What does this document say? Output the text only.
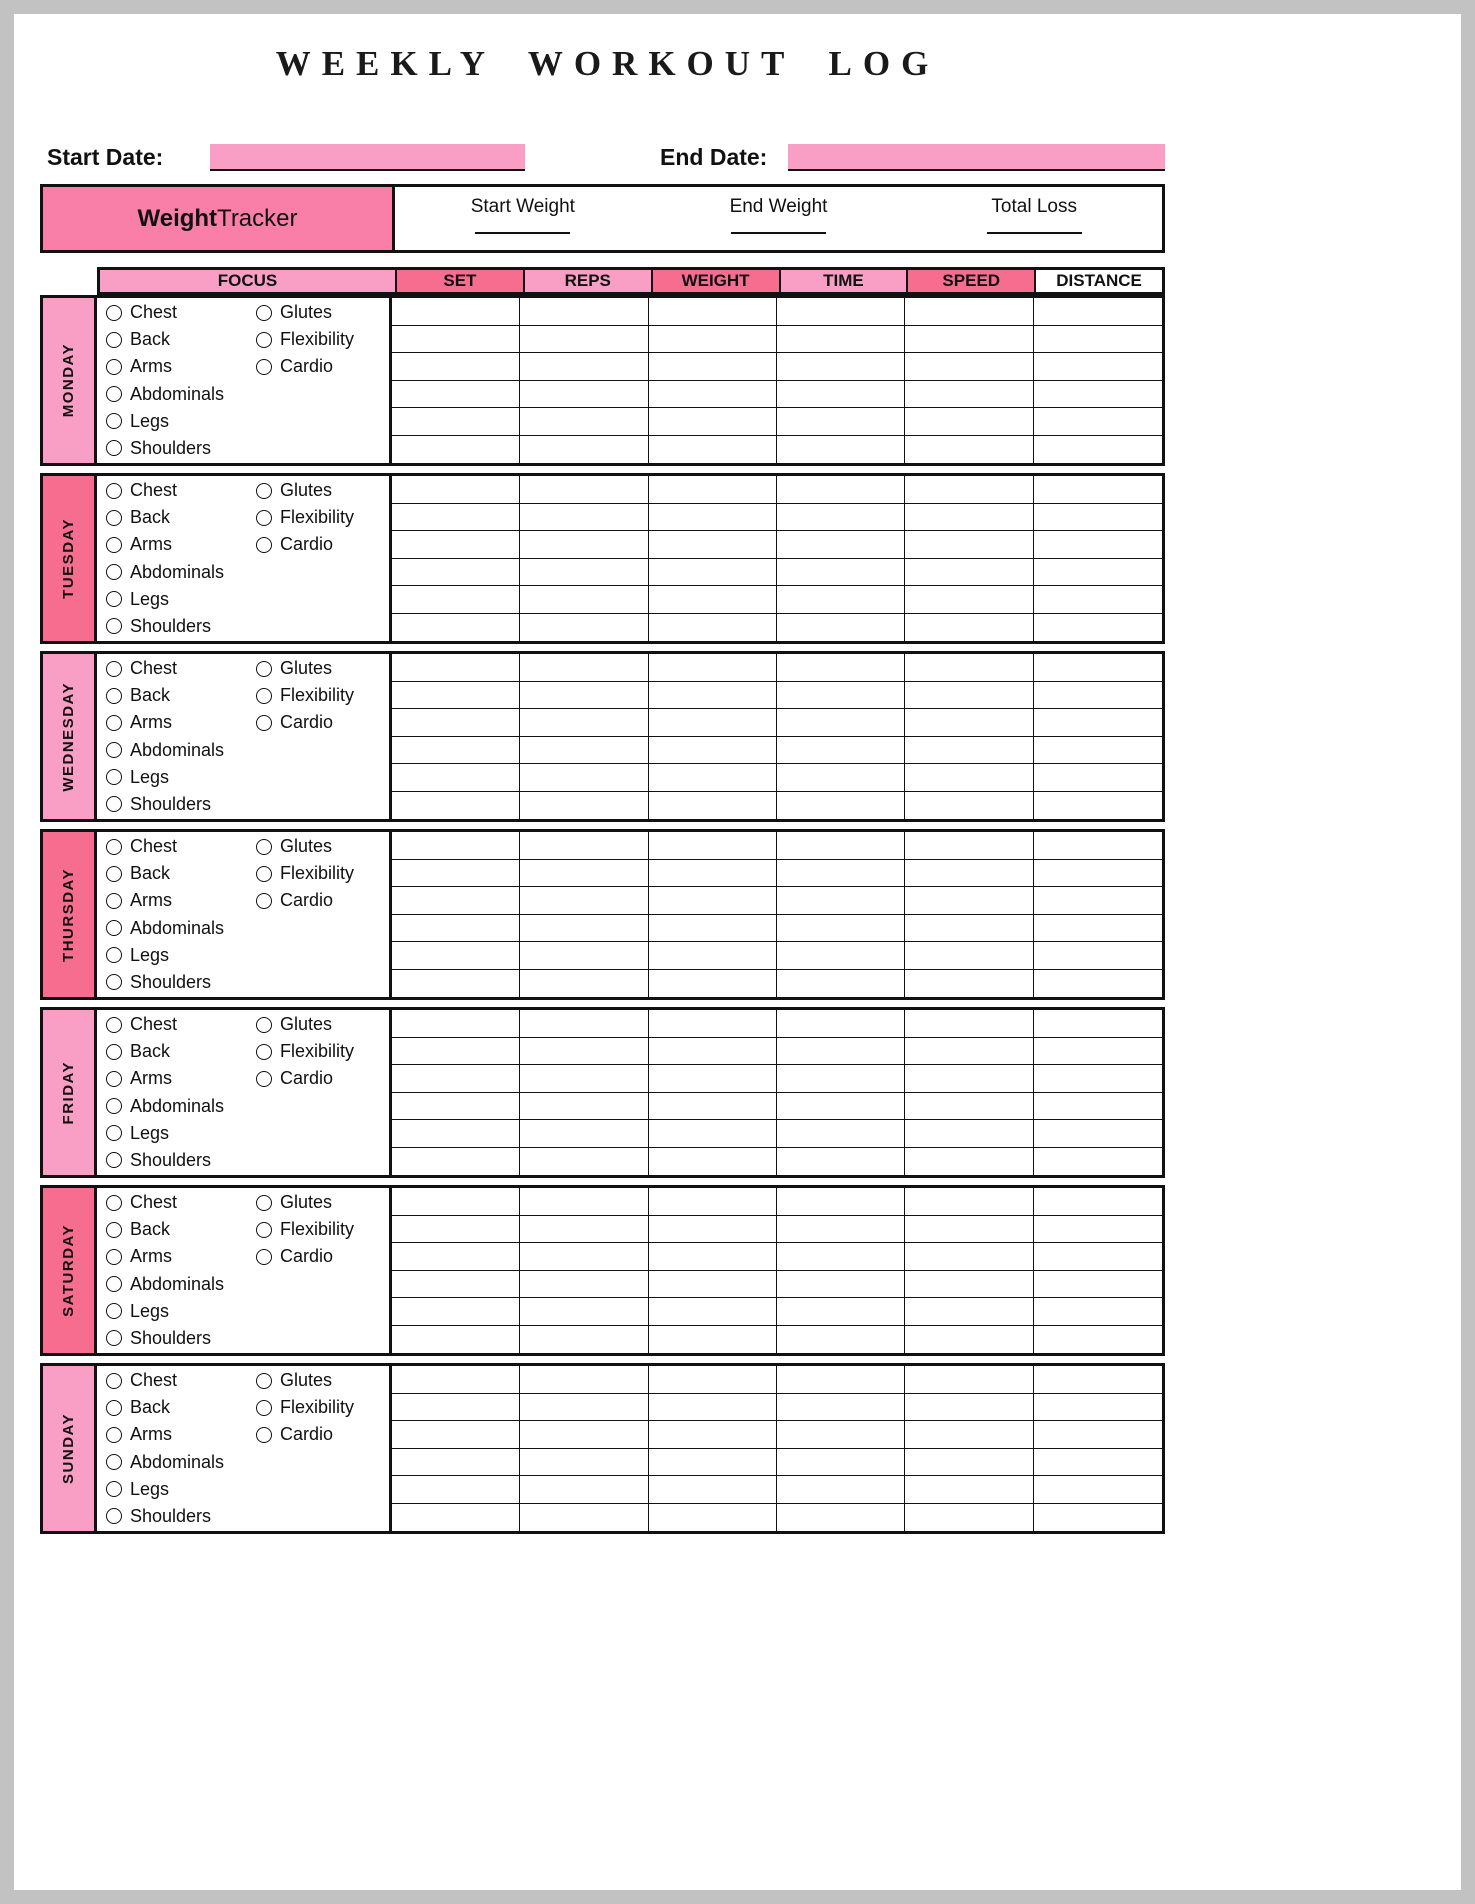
WEEKLY WORKOUT LOG
Start Date:	End Date:
Weight Tracker	Start Weight	End Weight	Total Loss
FOCUS	SET	REPS	WEIGHT	TIME	SPEED	DISTANCE
MONDAY
Chest
Back
Arms
Abdominals
Legs
Shoulders
Glutes
Flexibility
Cardio
TUESDAY
Chest
Back
Arms
Abdominals
Legs
Shoulders
Glutes
Flexibility
Cardio
WEDNESDAY
Chest
Back
Arms
Abdominals
Legs
Shoulders
Glutes
Flexibility
Cardio
THURSDAY
Chest
Back
Arms
Abdominals
Legs
Shoulders
Glutes
Flexibility
Cardio
FRIDAY
Chest
Back
Arms
Abdominals
Legs
Shoulders
Glutes
Flexibility
Cardio
SATURDAY
Chest
Back
Arms
Abdominals
Legs
Shoulders
Glutes
Flexibility
Cardio
SUNDAY
Chest
Back
Arms
Abdominals
Legs
Shoulders
Glutes
Flexibility
Cardio
